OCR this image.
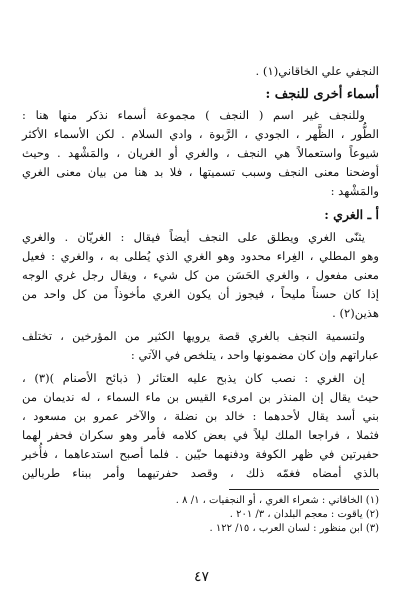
النجفي علي الخاقاني(١) .
أسماء أخرى للنجف :
وللنجف غير اسم ( النجف ) مجموعة أسماء نذكر منها هنا :
الطُّور ، الظَّهر ، الجودي ، الرَّبوة ، وادي السلام . لكن الأسماء الأكثر
شيوعاً واستعمالاً هي النجف ، والغري أو الغريان ، والمَشْهد . وحيث
أوضحنا معنى النجف وسبب تسميتها ، فلا بد هنا من بيان معنى الغري
والمَشْهد :
أ ـ الغري :
يثنّى الغري ويطلق على النجف أيضاً فيقال : الغريّان . والغري
وهو المطلي ، الغِراء محدود وهو الغري الذي يُطلى به ، والغري : فعيل
معنى مفعول ، والغري الحَسَن من كل شيء ، ويقال رجل غري الوجه
إذا كان حسناً مليحاً ، فيجوز أن يكون الغري مأخوذاً من كل واحد من
هذين(٢) .
ولتسمية النجف بالغري قصة يرويها الكثير من المؤرخين ، تختلف
عباراتهم وإن كان مضمونها واحد ، يتلخص في الآتي :
إن الغري : نصب كان يذبح عليه العتائر ( ذبائح الأصنام )(٣) ،
حيث يقال إن المنذر بن امرىء القيس بن ماء السماء ، له نديمان من
بني أسد يقال لأحدهما : خالد بن نضلة ، والآخر عمرو بن مسعود ،
فثملا ، فراجعا الملك ليلاً في بعض كلامه فأمر وهو سكران فحفر لهما
حفيرتين في ظهر الكوفة ودفنهما حيّين . فلما أصبح استدعاهما ، فأُخبر
بالذي أمضاه فغمّه ذلك ، وقصد حفرتيهما وأمر ببناء طربالين
(١) الخاقاني : شعراء الغري ، أو النجفيات ، ١/ ٨ .
(٢) ياقوت : معجم البلدان ، ٣/ ٢٠١ .
(٣) ابن منظور : لسان العرب ، ١٥/ ١٢٢ .
٤٧
